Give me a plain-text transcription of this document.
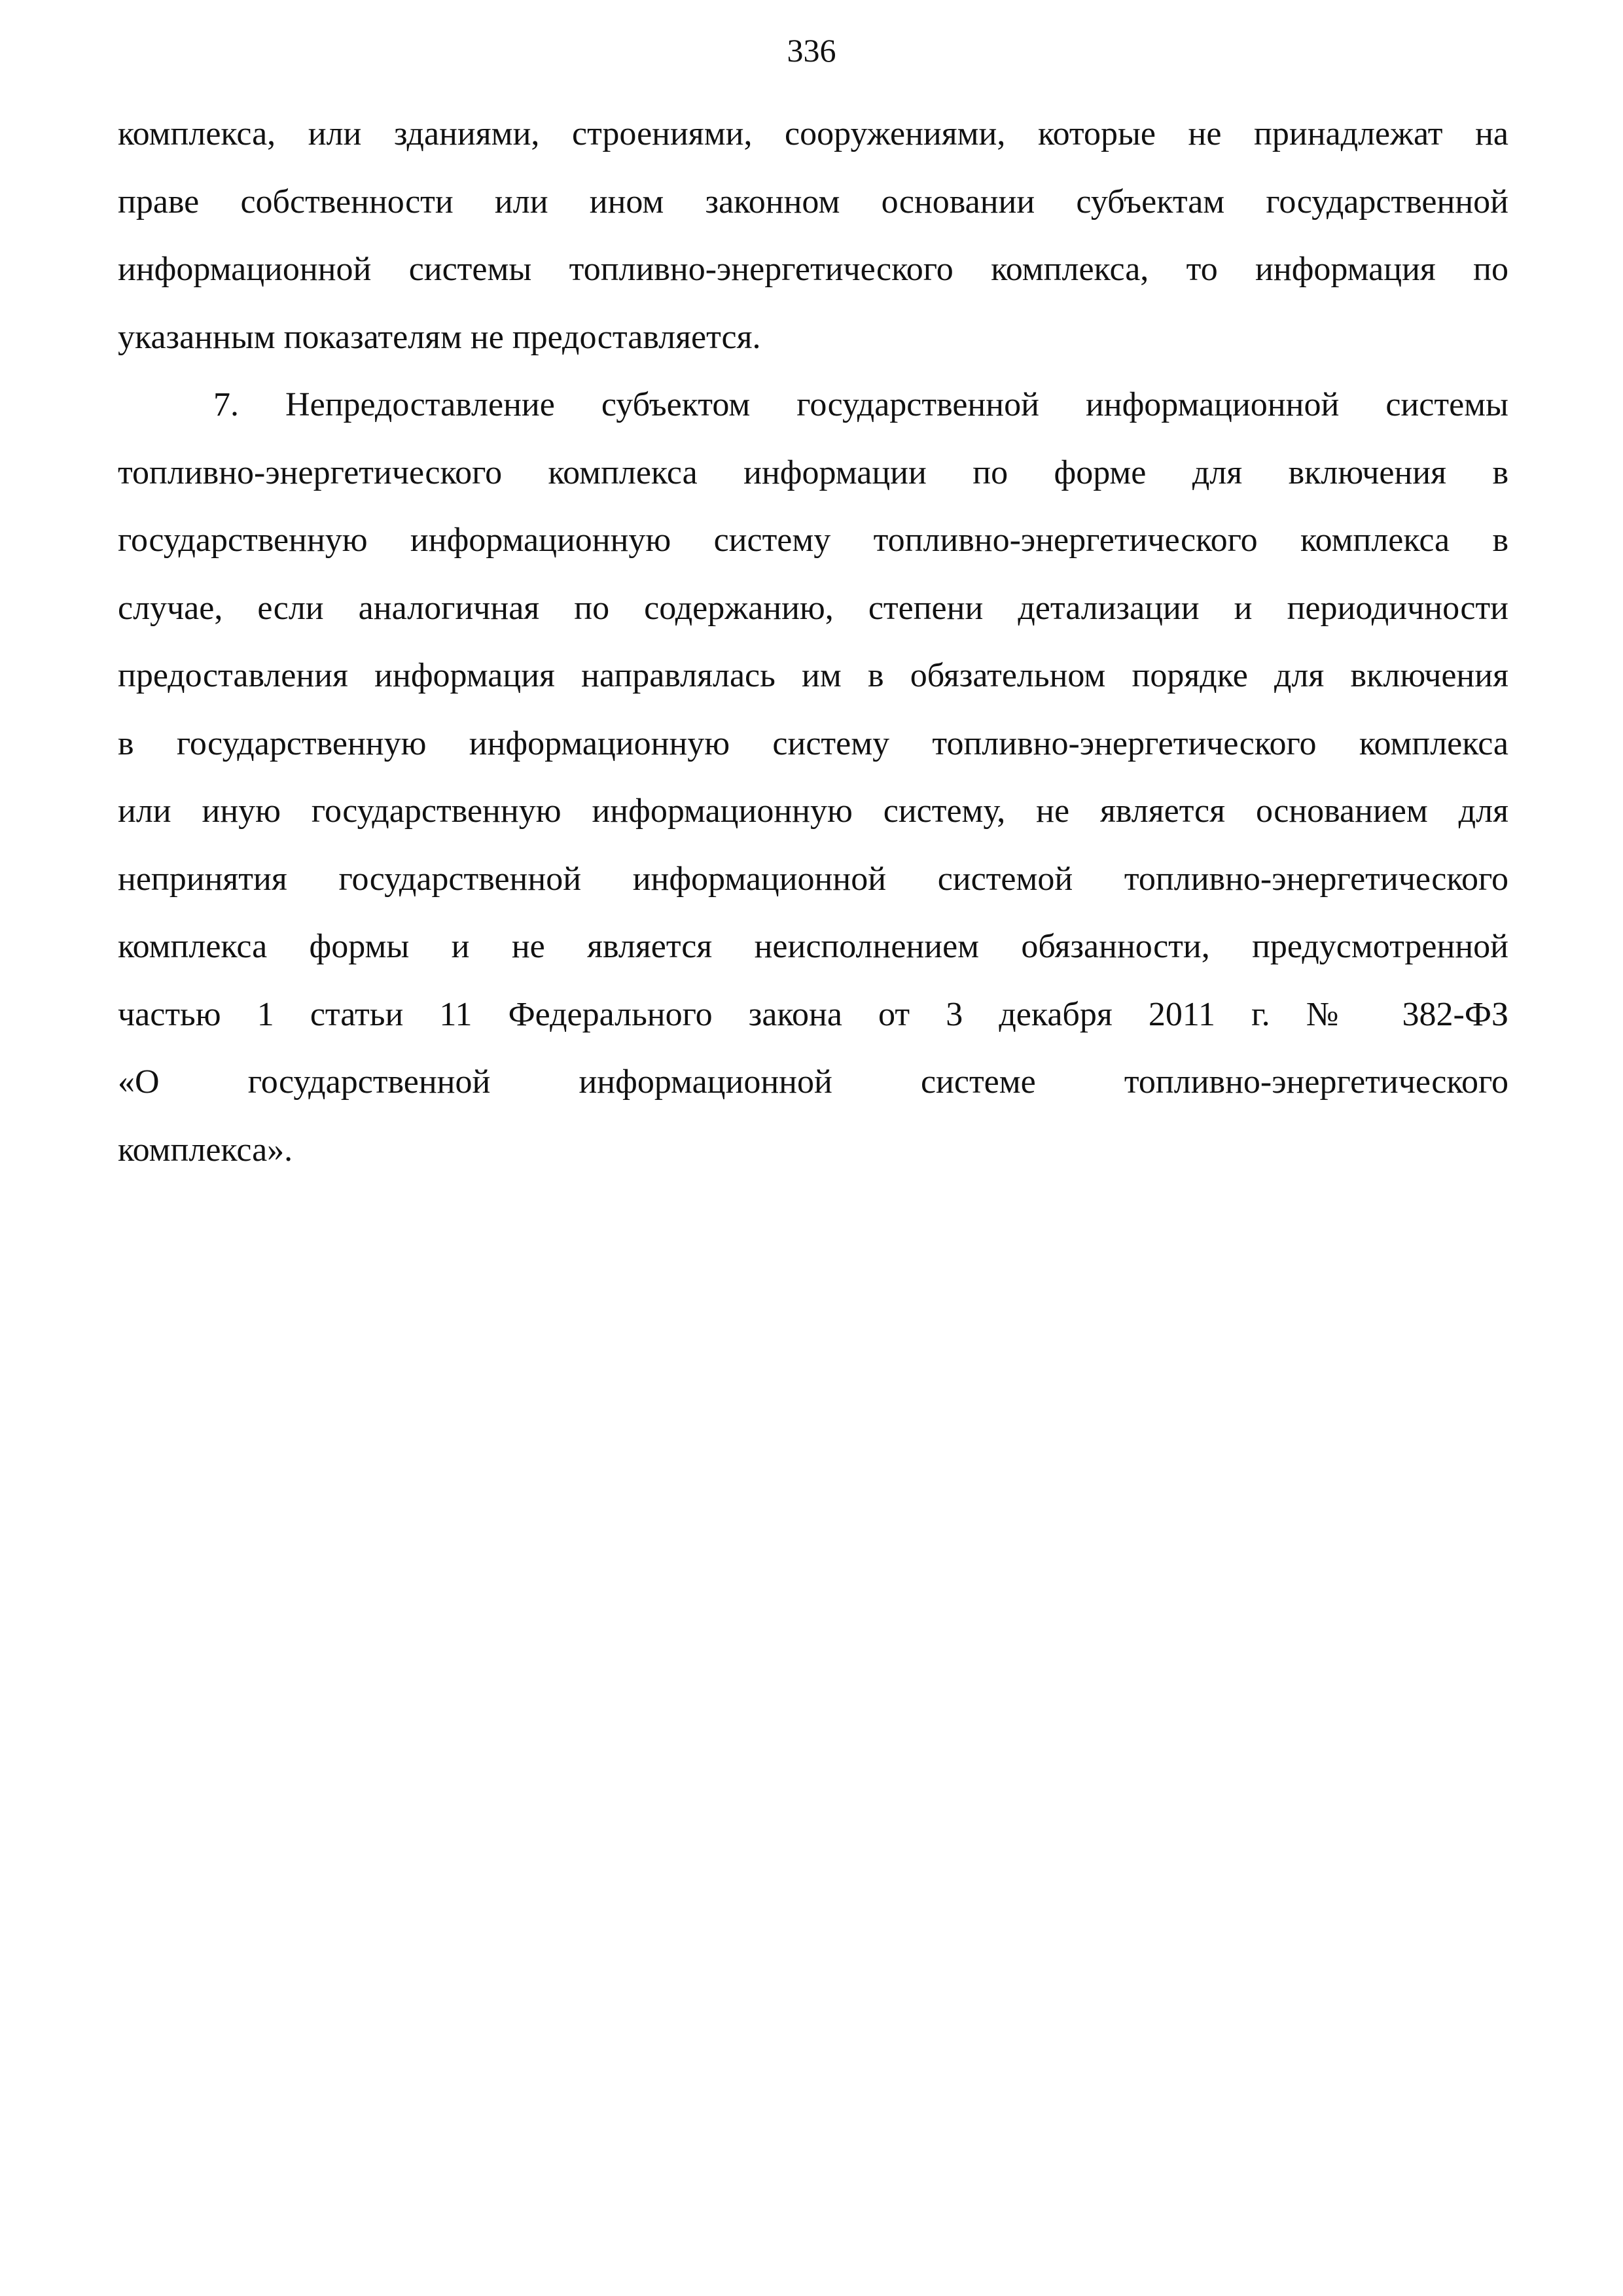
336

комплекса, или зданиями, строениями, сооружениями, которые не принадлежат на
праве собственности или ином законном основании субъектам государственной
информационной системы топливно-энергетического комплекса, то информация по
указанным показателям не предоставляется.

7. Непредоставление субъектом государственной информационной системы
топливно-энергетического комплекса информации по форме для включения в
государственную информационную систему топливно-энергетического комплекса в
случае, если аналогичная по содержанию, степени детализации и периодичности
предоставления информация направлялась им в обязательном порядке для включения
в государственную информационную систему топливно-энергетического комплекса
или иную государственную информационную систему, не является основанием для
непринятия государственной информационной системой топливно-энергетического
комплекса формы и не является неисполнением обязанности, предусмотренной
частью 1 статьи 11 Федерального закона от 3 декабря 2011 г. № 382-ФЗ
«О государственной информационной системе топливно-энергетического
комплекса».
